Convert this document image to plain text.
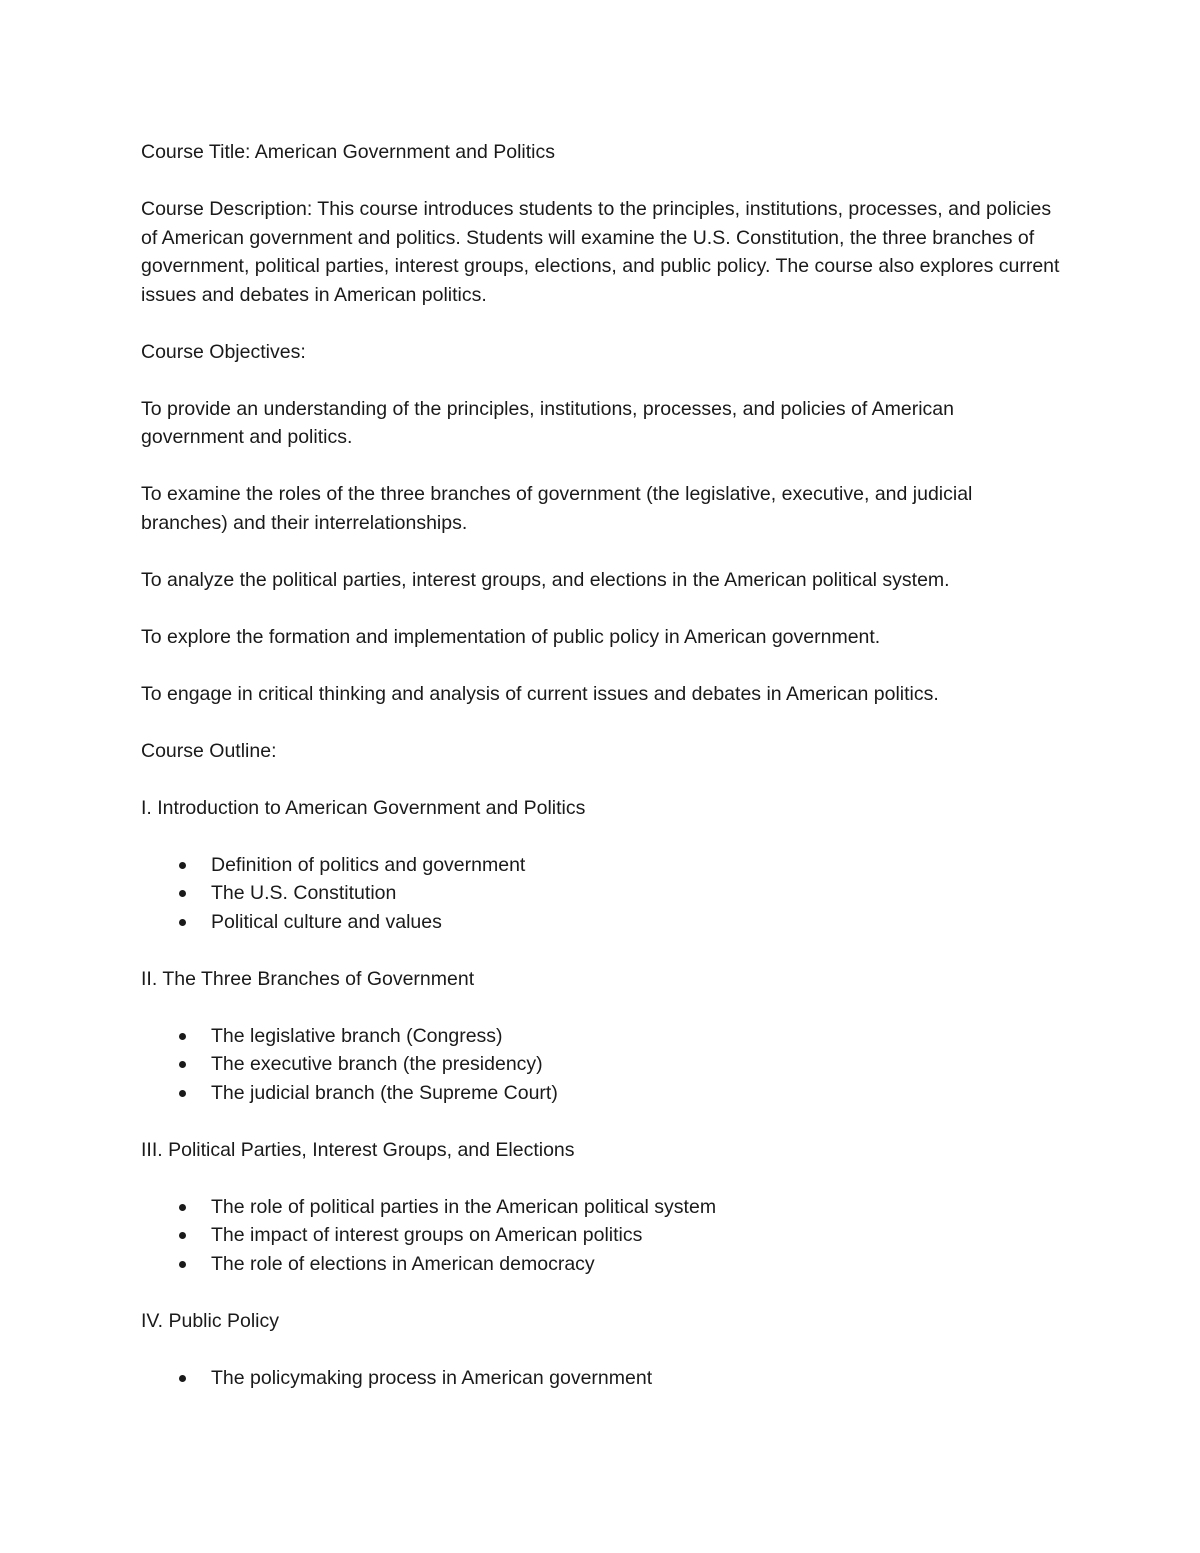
Course Title: American Government and Politics

Course Description: This course introduces students to the principles, institutions, processes, and policies of American government and politics. Students will examine the U.S. Constitution, the three branches of government, political parties, interest groups, elections, and public policy. The course also explores current issues and debates in American politics.

Course Objectives:

To provide an understanding of the principles, institutions, processes, and policies of American government and politics.

To examine the roles of the three branches of government (the legislative, executive, and judicial branches) and their interrelationships.

To analyze the political parties, interest groups, and elections in the American political system.

To explore the formation and implementation of public policy in American government.

To engage in critical thinking and analysis of current issues and debates in American politics.

Course Outline:

I. Introduction to American Government and Politics

Definition of politics and government
The U.S. Constitution
Political culture and values

II. The Three Branches of Government

The legislative branch (Congress)
The executive branch (the presidency)
The judicial branch (the Supreme Court)

III. Political Parties, Interest Groups, and Elections

The role of political parties in the American political system
The impact of interest groups on American politics
The role of elections in American democracy

IV. Public Policy

The policymaking process in American government
